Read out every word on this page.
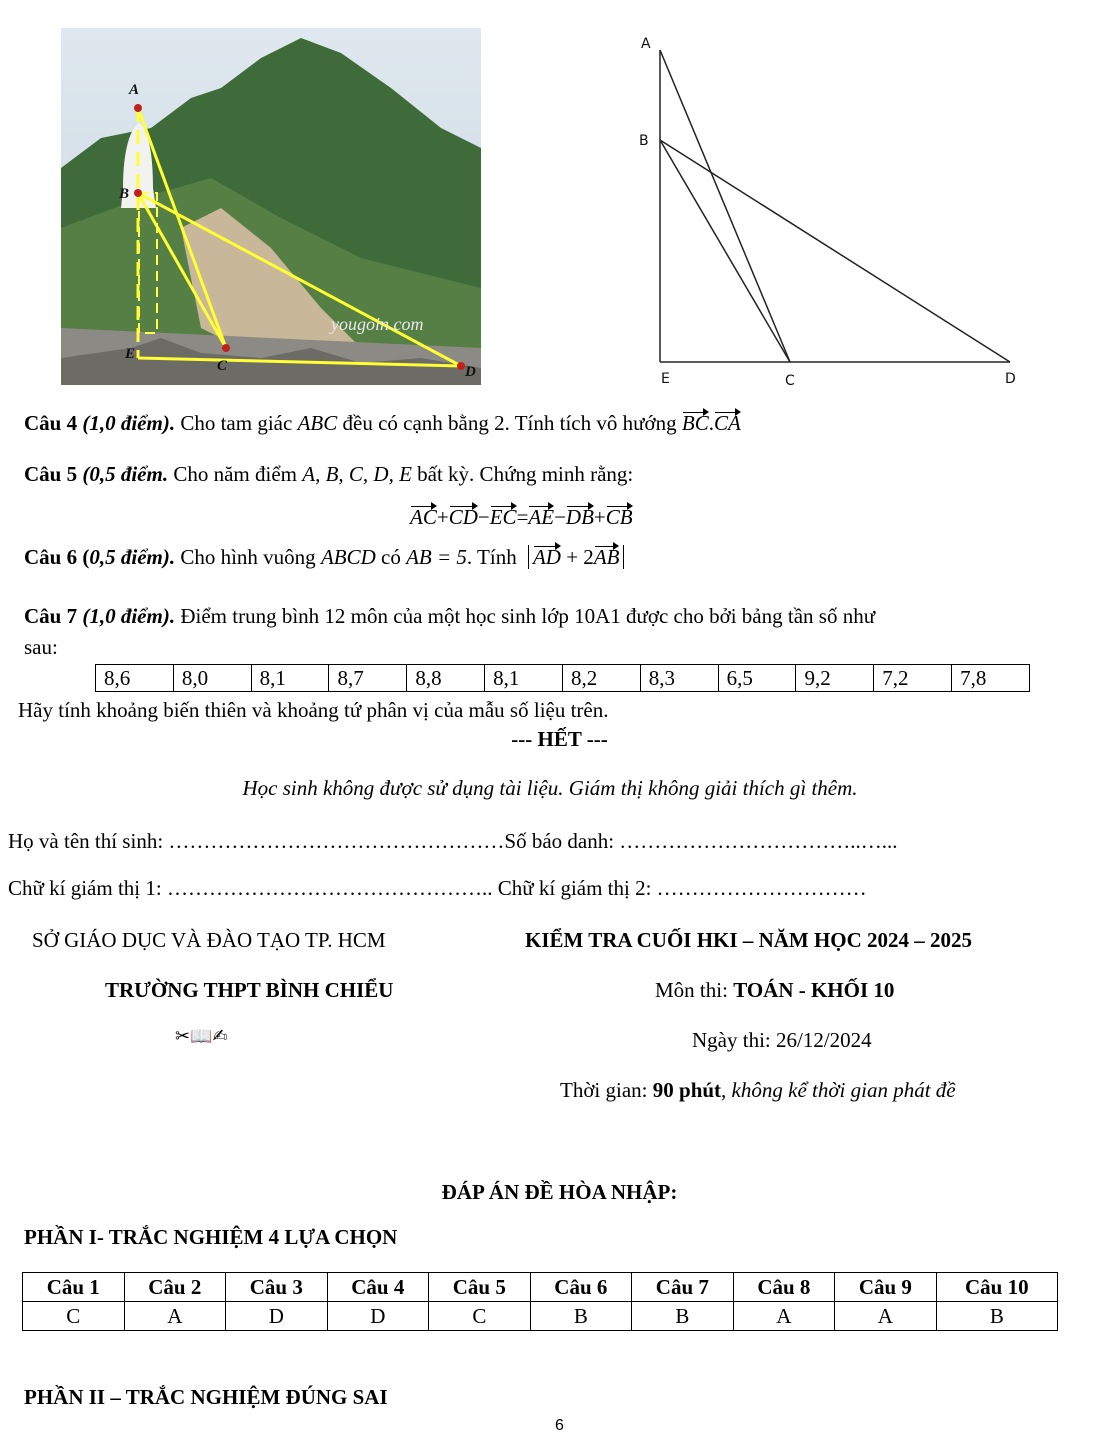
A
B
E
C	D
yougoin.com
A
B
E	C	D
Câu 4 (1,0 điểm). Cho tam giác ABC đều có cạnh bằng 2. Tính tích vô hướng BC.CA
Câu 5 (0,5 điểm. Cho năm điểm A, B, C, D, E bất kỳ. Chứng minh rằng:
AC+CD−EC=AE−DB+CB
Câu 6 (0,5 điểm). Cho hình vuông ABCD có AB = 5. Tính AD + 2AB
Câu 7 (1,0 điểm). Điểm trung bình 12 môn của một học sinh lớp 10A1 được cho bởi bảng tần số như
sau:
8,6	8,0	8,1	8,7	8,8	8,1	8,2	8,3	6,5	9,2	7,2	7,8
Hãy tính khoảng biến thiên và khoảng tứ phân vị của mẫu số liệu trên.
--- HẾT ---
Học sinh không được sử dụng tài liệu. Giám thị không giải thích gì thêm.
Họ và tên thí sinh: …………………………………………Số báo danh: ……………………………..…...
Chữ kí giám thị 1: ……………………………………….. Chữ kí giám thị 2: …………………………
SỞ GIÁO DỤC VÀ ĐÀO TẠO TP. HCM	KIỂM TRA CUỐI HKI – NĂM HỌC 2024 – 2025
TRƯỜNG THPT BÌNH CHIỂU	Môn thi: TOÁN - KHỐI 10
✂📖✍	Ngày thi: 26/12/2024
Thời gian: 90 phút, không kể thời gian phát đề
ĐÁP ÁN ĐỀ HÒA NHẬP:
PHẦN I- TRẮC NGHIỆM 4 LỰA CHỌN
Câu 1	Câu 2	Câu 3	Câu 4	Câu 5	Câu 6	Câu 7	Câu 8	Câu 9	Câu 10
C	A	D	D	C	B	B	A	A	B
PHẦN II – TRẮC NGHIỆM ĐÚNG SAI
6
